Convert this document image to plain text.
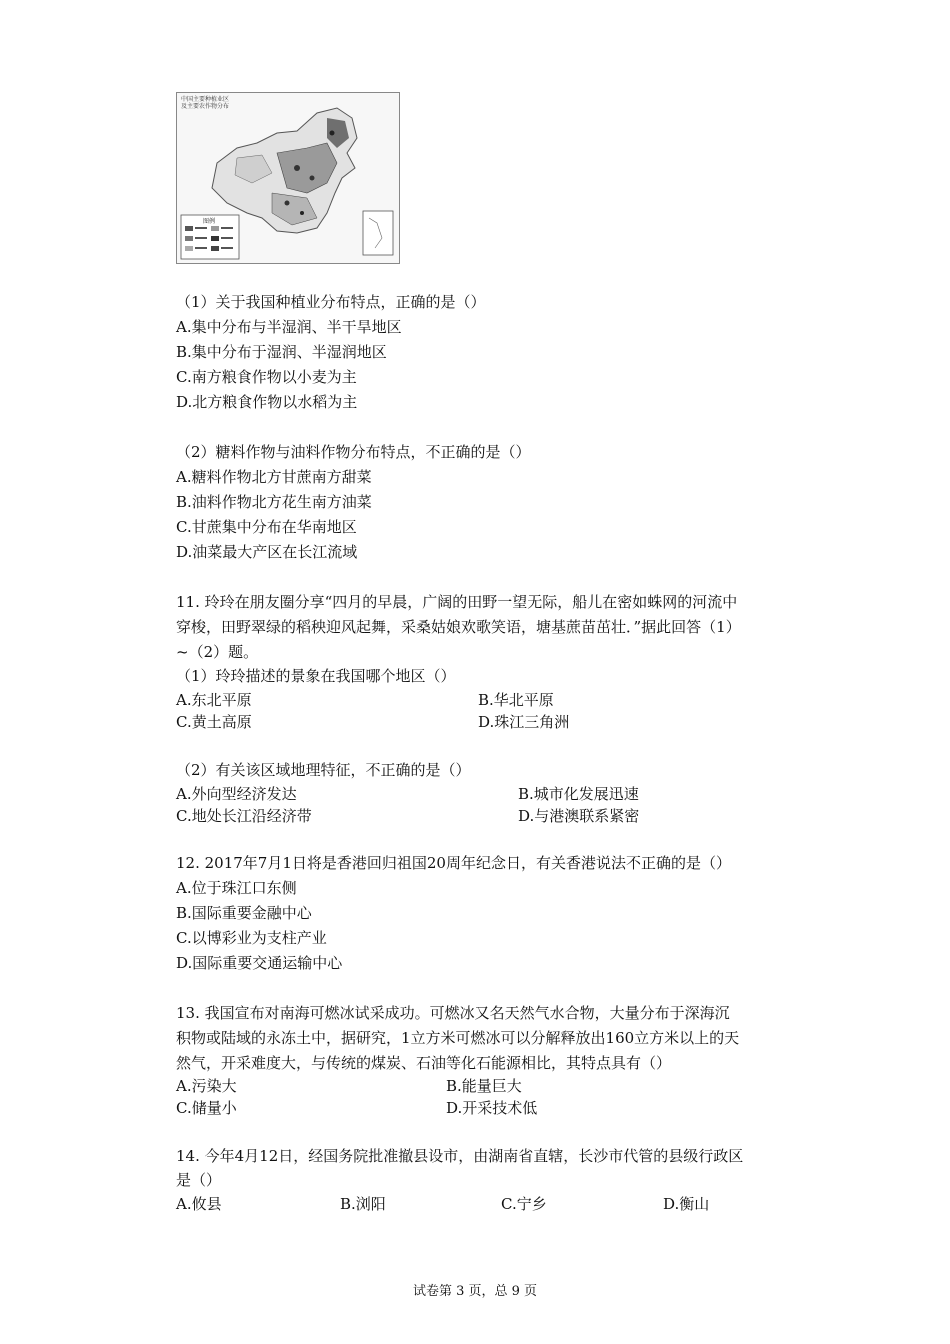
图例
中国主要种植业区
及主要农作物分布
（1）关于我国种植业分布特点，正确的是（）
A.集中分布与半湿润、半干旱地区
B.集中分布于湿润、半湿润地区
C.南方粮食作物以小麦为主
D.北方粮食作物以水稻为主
（2）糖料作物与油料作物分布特点，不正确的是（）
A.糖料作物北方甘蔗南方甜菜
B.油料作物北方花生南方油菜
C.甘蔗集中分布在华南地区
D.油菜最大产区在长江流域
11. 玲玲在朋友圈分享“四月的早晨，广阔的田野一望无际，船儿在密如蛛网的河流中
穿梭，田野翠绿的稻秧迎风起舞，采桑姑娘欢歌笑语，塘基蔗苗茁壮．”据此回答（1）
~（2）题。
（1）玲玲描述的景象在我国哪个地区（）
A.东北平原	B.华北平原
C.黄土高原	D.珠江三角洲
（2）有关该区域地理特征，不正确的是（）
A.外向型经济发达	B.城市化发展迅速
C.地处长江沿经济带	D.与港澳联系紧密
12. 2017年7月1日将是香港回归祖国20周年纪念日，有关香港说法不正确的是（）
A.位于珠江口东侧
B.国际重要金融中心
C.以博彩业为支柱产业
D.国际重要交通运输中心
13. 我国宣布对南海可燃冰试采成功。可燃冰又名天然气水合物，大量分布于深海沉
积物或陆域的永冻土中，据研究，1立方米可燃冰可以分解释放出160立方米以上的天
然气，开采难度大，与传统的煤炭、石油等化石能源相比，其特点具有（）
A.污染大	B.能量巨大
C.储量小	D.开采技术低
14. 今年4月12日，经国务院批准撤县设市，由湖南省直辖，长沙市代管的县级行政区
是（）
A.攸县	B.浏阳	C.宁乡	D.衡山
试卷第 3 页，总 9 页
